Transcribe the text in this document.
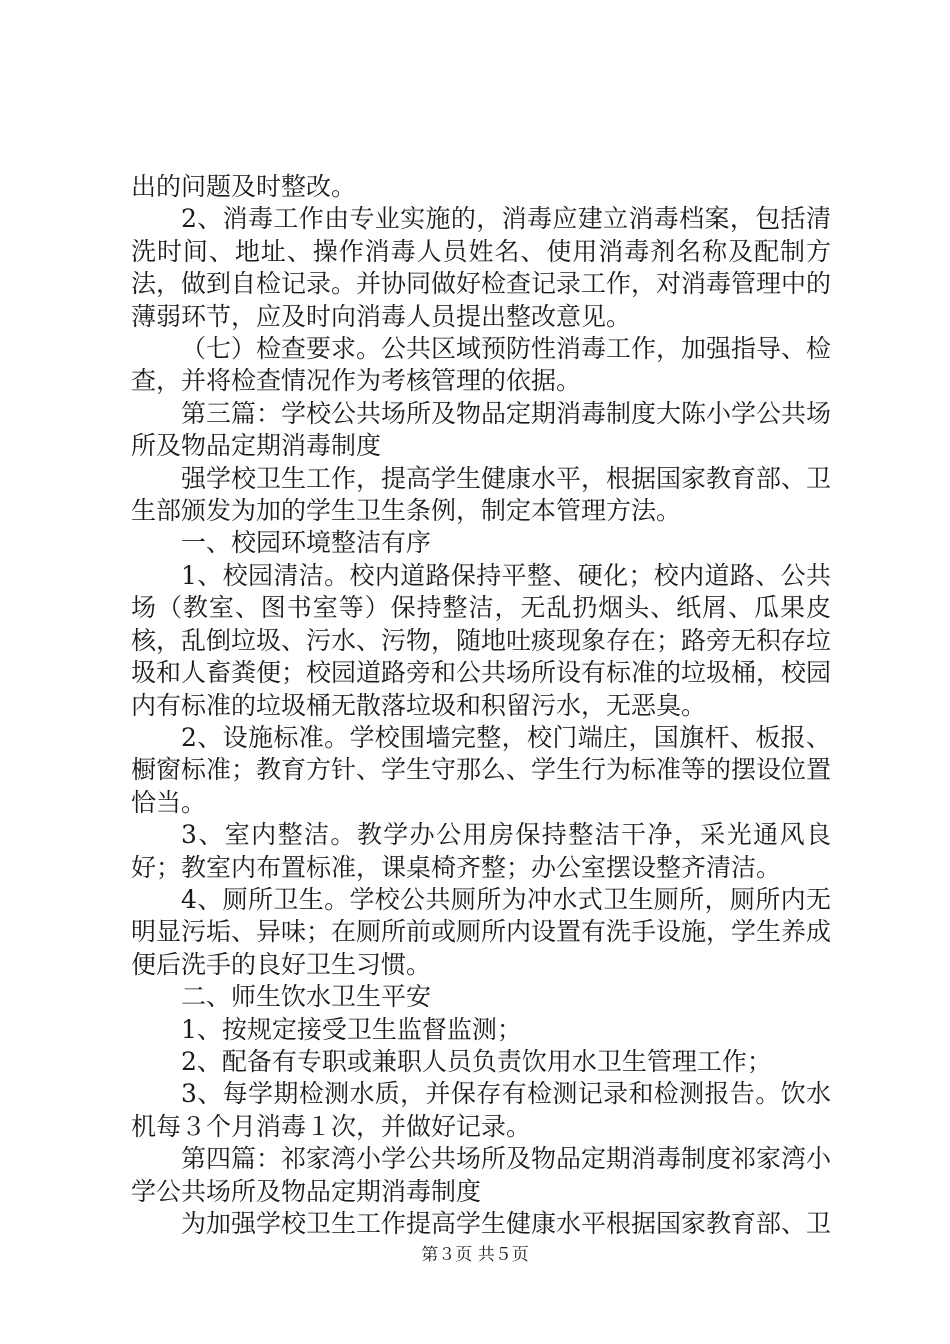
出的问题及时整改。

2、消毒工作由专业实施的，消毒应建立消毒档案，包括清洗时间、地址、操作消毒人员姓名、使用消毒剂名称及配制方法，做到自检记录。并协同做好检查记录工作，对消毒管理中的薄弱环节，应及时向消毒人员提出整改意见。

（七）检查要求。公共区域预防性消毒工作，加强指导、检查，并将检查情况作为考核管理的依据。

第三篇：学校公共场所及物品定期消毒制度大陈小学公共场所及物品定期消毒制度

强学校卫生工作，提高学生健康水平，根据国家教育部、卫生部颁发为加的学生卫生条例，制定本管理方法。

一、校园环境整洁有序

1、校园清洁。校内道路保持平整、硬化；校内道路、公共场（教室、图书室等）保持整洁，无乱扔烟头、纸屑、瓜果皮核，乱倒垃圾、污水、污物，随地吐痰现象存在；路旁无积存垃圾和人畜粪便；校园道路旁和公共场所设有标准的垃圾桶，校园内有标准的垃圾桶无散落垃圾和积留污水，无恶臭。

2、设施标准。学校围墙完整，校门端庄，国旗杆、板报、橱窗标准；教育方针、学生守那么、学生行为标准等的摆设位置恰当。

3、室内整洁。教学办公用房保持整洁干净，采光通风良好；教室内布置标准，课桌椅齐整；办公室摆设整齐清洁。

4、厕所卫生。学校公共厕所为冲水式卫生厕所，厕所内无明显污垢、异味；在厕所前或厕所内设置有洗手设施，学生养成便后洗手的良好卫生习惯。

二、师生饮水卫生平安

1、按规定接受卫生监督监测；

2、配备有专职或兼职人员负责饮用水卫生管理工作；

3、每学期检测水质，并保存有检测记录和检测报告。饮水机每３个月消毒１次，并做好记录。

第四篇：祁家湾小学公共场所及物品定期消毒制度祁家湾小学公共场所及物品定期消毒制度

为加强学校卫生工作提高学生健康水平根据国家教育部、卫

第３页 共５页
